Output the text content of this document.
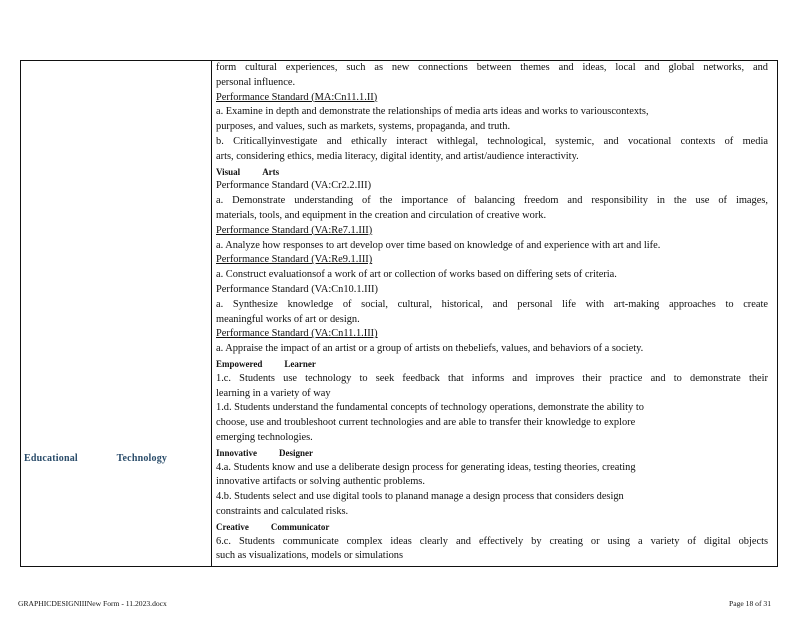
Educational	Technology
form cultural experiences, such as new connections between themes and ideas, local and global networks, and
personal influence.
Performance Standard (MA:Cn11.1.II)
a. Examine in depth and demonstrate the relationships of media arts ideas and works to variouscontexts,
purposes, and values, such as markets, systems, propaganda, and truth.
b. Criticallyinvestigate and ethically interact withlegal, technological, systemic, and vocational contexts of media
arts, considering ethics, media literacy, digital identity, and artist/audience interactivity.
Visual Arts
Performance Standard (VA:Cr2.2.III)
a. Demonstrate understanding of the importance of balancing freedom and responsibility in the use of images,
materials, tools, and equipment in the creation and circulation of creative work.
Performance Standard (VA:Re7.1.III)
a. Analyze how responses to art develop over time based on knowledge of and experience with art and life.
Performance Standard (VA:Re9.1.III)
a. Construct evaluationsof a work of art or collection of works based on differing sets of criteria.
Performance Standard (VA:Cn10.1.III)
a. Synthesize knowledge of social, cultural, historical, and personal life with art-making approaches to create
meaningful works of art or design.
Performance Standard (VA:Cn11.1.III)
a. Appraise the impact of an artist or a group of artists on thebeliefs, values, and behaviors of a society.
Empowered Learner
1.c. Students use technology to seek feedback that informs and improves their practice and to demonstrate their
learning in a variety of way
1.d. Students understand the fundamental concepts of technology operations, demonstrate the ability to
choose, use and troubleshoot current technologies and are able to transfer their knowledge to explore
emerging technologies.
Innovative Designer
4.a. Students know and use a deliberate design process for generating ideas, testing theories, creating
innovative artifacts or solving authentic problems.
4.b. Students select and use digital tools to planand manage a design process that considers design
constraints and calculated risks.
Creative Communicator
6.c. Students communicate complex ideas clearly and effectively by creating or using a variety of digital objects
such as visualizations, models or simulations
GRAPHICDESIGNIIINew Form - 11.2023.docx	Page 18 of 31
